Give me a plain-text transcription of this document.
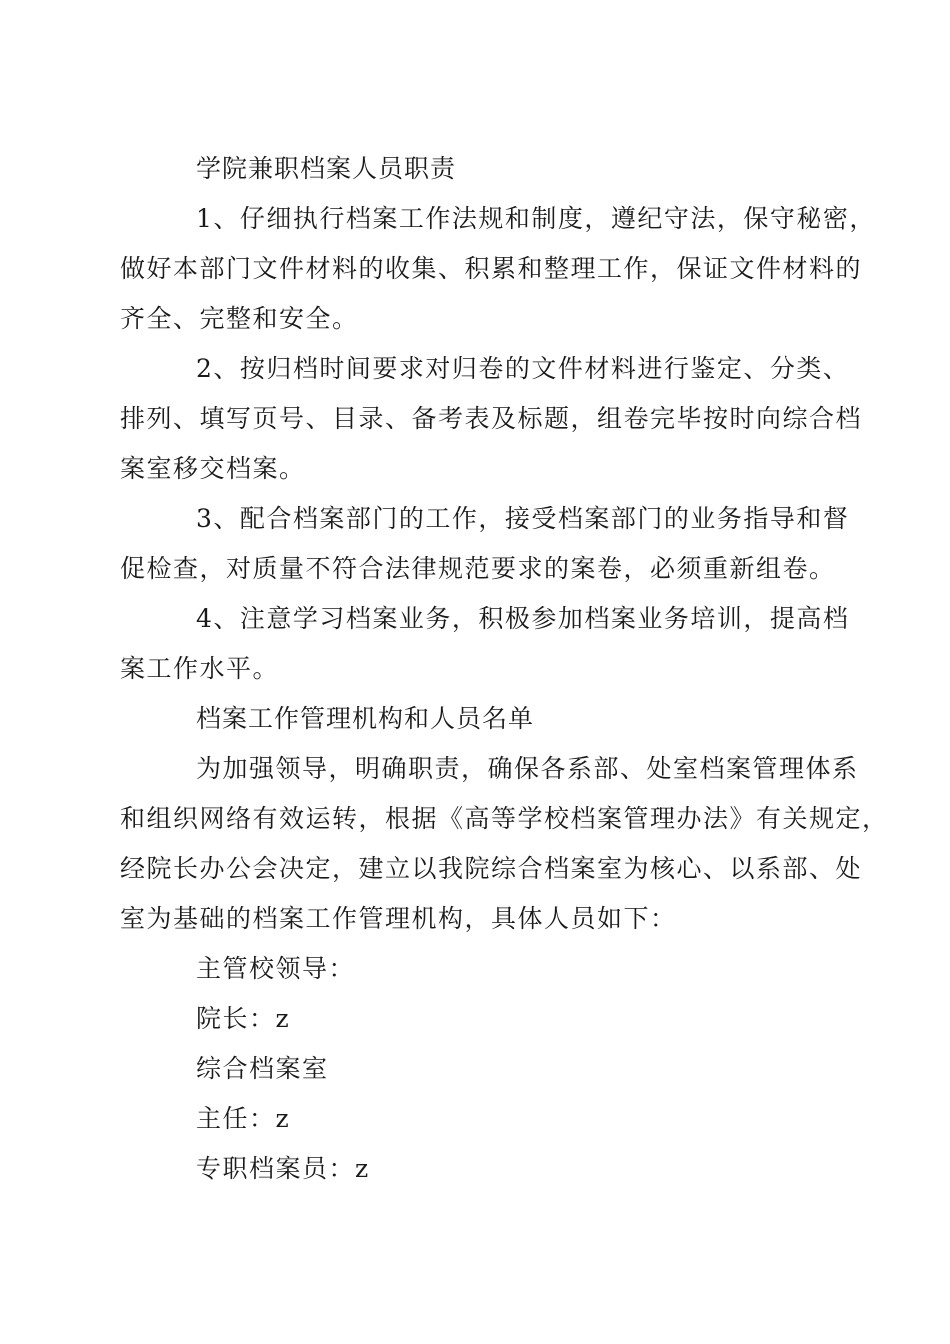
学院兼职档案人员职责
1、仔细执行档案工作法规和制度，遵纪守法，保守秘密，
做好本部门文件材料的收集、积累和整理工作，保证文件材料的
齐全、完整和安全。
2、按归档时间要求对归卷的文件材料进行鉴定、分类、
排列、填写页号、目录、备考表及标题，组卷完毕按时向综合档
案室移交档案。
3、配合档案部门的工作，接受档案部门的业务指导和督
促检查，对质量不符合法律规范要求的案卷，必须重新组卷。
4、注意学习档案业务，积极参加档案业务培训，提高档
案工作水平。
档案工作管理机构和人员名单
为加强领导，明确职责，确保各系部、处室档案管理体系
和组织网络有效运转，根据《高等学校档案管理办法》有关规定，
经院长办公会决定，建立以我院综合档案室为核心、以系部、处
室为基础的档案工作管理机构，具体人员如下：
主管校领导：
院长：z
综合档案室
主任：z
专职档案员：z
